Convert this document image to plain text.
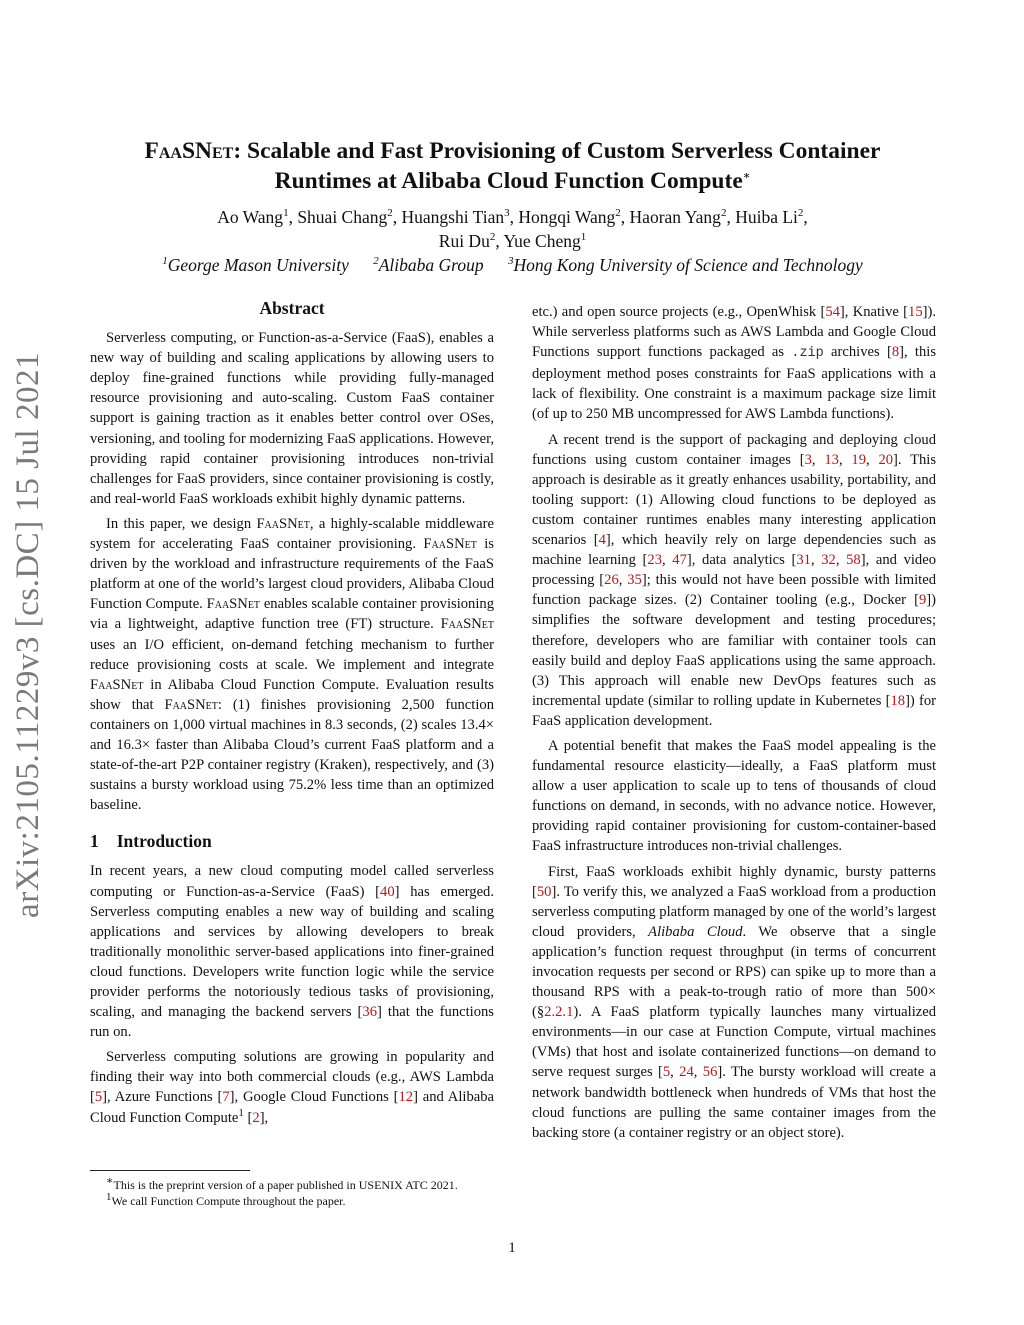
arXiv:2105.11229v3 [cs.DC] 15 Jul 2021
FaaSNet: Scalable and Fast Provisioning of Custom Serverless Container
Runtimes at Alibaba Cloud Function Compute∗
Ao Wang$^1$, Shuai Chang$^2$, Huangshi Tian$^3$, Hongqi Wang$^2$, Haoran Yang$^2$, Huiba Li$^2$,
Rui Du$^2$, Yue Cheng$^1$
$^1$George Mason University $^2$Alibaba Group $^3$Hong Kong University of Science and Technology
Abstract

Serverless computing, or Function-as-a-Service (FaaS), enables a new way of building and scaling applications by allowing users to deploy fine-grained functions while providing fully-managed resource provisioning and auto-scaling. Custom FaaS container support is gaining traction as it enables better control over OSes, versioning, and tooling for modernizing FaaS applications. However, providing rapid container provisioning introduces non-trivial challenges for FaaS providers, since container provisioning is costly, and real-world FaaS workloads exhibit highly dynamic patterns.

In this paper, we design FaaSNet, a highly-scalable middleware system for accelerating FaaS container provisioning. FaaSNet is driven by the workload and infrastructure requirements of the FaaS platform at one of the world’s largest cloud providers, Alibaba Cloud Function Compute. FaaSNet enables scalable container provisioning via a lightweight, adaptive function tree (FT) structure. FaaSNet uses an I/O efficient, on-demand fetching mechanism to further reduce provisioning costs at scale. We implement and integrate FaaSNet in Alibaba Cloud Function Compute. Evaluation results show that FaaSNet: (1) finishes provisioning 2,500 function containers on 1,000 virtual machines in 8.3 seconds, (2) scales 13.4× and 16.3× faster than Alibaba Cloud’s current FaaS platform and a state-of-the-art P2P container registry (Kraken), respectively, and (3) sustains a bursty workload using 75.2% less time than an optimized baseline.

1 Introduction

In recent years, a new cloud computing model called serverless computing or Function-as-a-Service (FaaS) [40] has emerged. Serverless computing enables a new way of building and scaling applications and services by allowing developers to break traditionally monolithic server-based applications into finer-grained cloud functions. Developers write function logic while the service provider performs the notoriously tedious tasks of provisioning, scaling, and managing the backend servers [36] that the functions run on.

Serverless computing solutions are growing in popularity and finding their way into both commercial clouds (e.g., AWS Lambda [5], Azure Functions [7], Google Cloud Functions [12] and Alibaba Cloud Function Compute$^1$ [2],

etc.) and open source projects (e.g., OpenWhisk [54], Knative [15]). While serverless platforms such as AWS Lambda and Google Cloud Functions support functions packaged as .zip archives [8], this deployment method poses constraints for FaaS applications with a lack of flexibility. One constraint is a maximum package size limit (of up to 250 MB uncompressed for AWS Lambda functions).

A recent trend is the support of packaging and deploying cloud functions using custom container images [3, 13, 19, 20]. This approach is desirable as it greatly enhances usability, portability, and tooling support: (1) Allowing cloud functions to be deployed as custom container runtimes enables many interesting application scenarios [4], which heavily rely on large dependencies such as machine learning [23, 47], data analytics [31, 32, 58], and video processing [26, 35]; this would not have been possible with limited function package sizes. (2) Container tooling (e.g., Docker [9]) simplifies the software development and testing procedures; therefore, developers who are familiar with container tools can easily build and deploy FaaS applications using the same approach. (3) This approach will enable new DevOps features such as incremental update (similar to rolling update in Kubernetes [18]) for FaaS application development.

A potential benefit that makes the FaaS model appealing is the fundamental resource elasticity—ideally, a FaaS platform must allow a user application to scale up to tens of thousands of cloud functions on demand, in seconds, with no advance notice. However, providing rapid container provisioning for custom-container-based FaaS infrastructure introduces non-trivial challenges.

First, FaaS workloads exhibit highly dynamic, bursty patterns [50]. To verify this, we analyzed a FaaS workload from a production serverless computing platform managed by one of the world’s largest cloud providers, Alibaba Cloud. We observe that a single application’s function request throughput (in terms of concurrent invocation requests per second or RPS) can spike up to more than a thousand RPS with a peak-to-trough ratio of more than 500× (§2.2.1). A FaaS platform typically launches many virtualized environments—in our case at Function Compute, virtual machines (VMs) that host and isolate containerized functions—on demand to serve request surges [5, 24, 56]. The bursty workload will create a network bandwidth bottleneck when hundreds of VMs that host the cloud functions are pulling the same container images from the backing store (a container registry or an object store).

∗This is the preprint version of a paper published in USENIX ATC 2021.
$^1$We call Function Compute throughout the paper.
1
